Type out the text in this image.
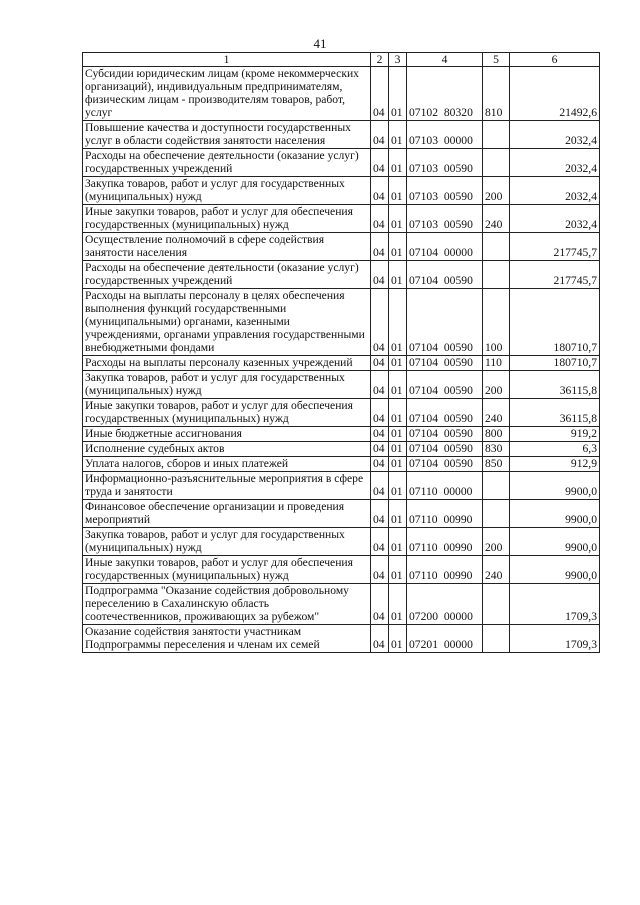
41
1	2	3	4	5	6
Субсидии юридическим лицам (кроме некоммерческих организаций), индивидуальным предпринимателям, физическим лицам - производителям товаров, работ, услуг	04	01	07102 80320	810	21492,6
Повышение качества и доступности государственных услуг в области содействия занятости населения	04	01	07103 00000		2032,4
Расходы на обеспечение деятельности (оказание услуг) государственных учреждений	04	01	07103 00590		2032,4
Закупка товаров, работ и услуг для государственных (муниципальных) нужд	04	01	07103 00590	200	2032,4
Иные закупки товаров, работ и услуг для обеспечения государственных (муниципальных) нужд	04	01	07103 00590	240	2032,4
Осуществление полномочий в сфере содействия занятости населения	04	01	07104 00000		217745,7
Расходы на обеспечение деятельности (оказание услуг) государственных учреждений	04	01	07104 00590		217745,7
Расходы на выплаты персоналу в целях обеспечения выполнения функций государственными (муниципальными) органами, казенными учреждениями, органами управления государственными внебюджетными фондами	04	01	07104 00590	100	180710,7
Расходы на выплаты персоналу казенных учреждений	04	01	07104 00590	110	180710,7
Закупка товаров, работ и услуг для государственных (муниципальных) нужд	04	01	07104 00590	200	36115,8
Иные закупки товаров, работ и услуг для обеспечения государственных (муниципальных) нужд	04	01	07104 00590	240	36115,8
Иные бюджетные ассигнования	04	01	07104 00590	800	919,2
Исполнение судебных актов	04	01	07104 00590	830	6,3
Уплата налогов, сборов и иных платежей	04	01	07104 00590	850	912,9
Информационно-разъяснительные мероприятия в сфере труда и занятости	04	01	07110 00000		9900,0
Финансовое обеспечение организации и проведения мероприятий	04	01	07110 00990		9900,0
Закупка товаров, работ и услуг для государственных (муниципальных) нужд	04	01	07110 00990	200	9900,0
Иные закупки товаров, работ и услуг для обеспечения государственных (муниципальных) нужд	04	01	07110 00990	240	9900,0
Подпрограмма "Оказание содействия добровольному переселению в Сахалинскую область соотечественников, проживающих за рубежом"	04	01	07200 00000		1709,3
Оказание содействия занятости участникам Подпрограммы переселения и членам их семей	04	01	07201 00000		1709,3
